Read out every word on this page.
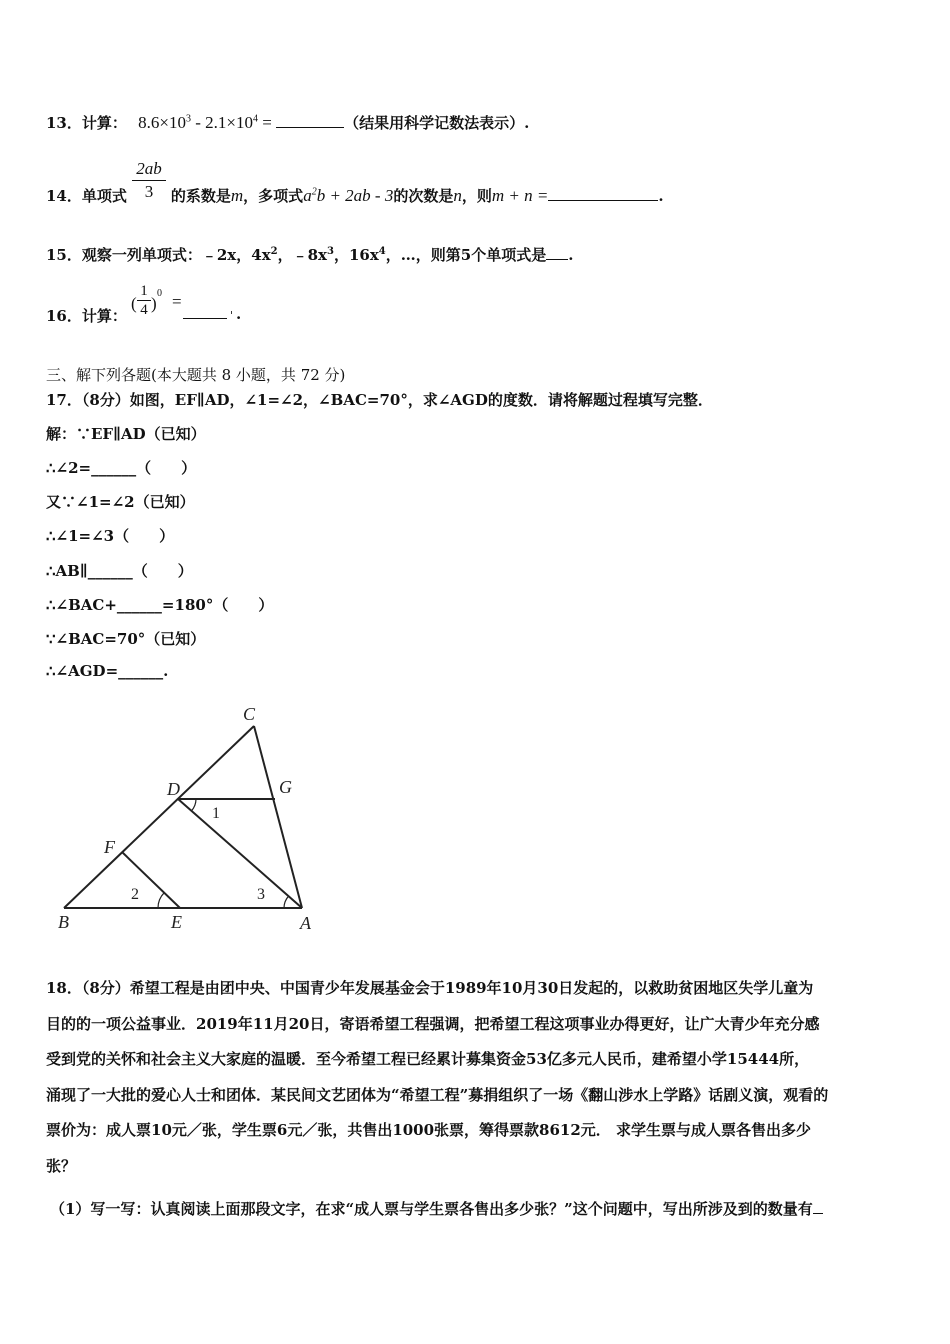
13．计算： $8.6\times 10^3 - 2.1\times 10^4$ =	（结果用科学记数法表示）.
$\frac{2ab}{3}$
14．单项式	的系数是m，多项式$a^2b + 2ab - 3$的次数是n，则m + n =	.
15．观察一列单项式：﹣2x，$4x^2$，$﹣8x^3$，$16x^4$，…，则第5个单项式是 .
16．计算：
( $\frac{1}{4}$ )
0 =
' .
三、解下列各题(本大题共 8 小题，共 72 分)
17．（8分）如图，EF∥AD，∠1=∠2，∠BAC=70°，求∠AGD的度数．请将解题过程填写完整．
解：∵EF∥AD（已知）
∴∠2=______（　　）
又∵∠1=∠2（已知）
∴∠1=∠3（　　）
∴AB∥______（　　）
∴∠BAC+______=180°（　　）
∵∠BAC=70°（已知）
∴∠AGD=______.
C
D	G
1
F
2	3
B	E	A
18．（8分）希望工程是由团中央、中国青少年发展基金会于1989年10月30日发起的，以救助贫困地区失学儿童为
目的的一项公益事业．2019年11月20日，寄语希望工程强调，把希望工程这项事业办得更好，让广大青少年充分感
受到党的关怀和社会主义大家庭的温暖．至今希望工程已经累计募集资金53亿多元人民币，建希望小学15444所，
涌现了一大批的爱心人士和团体．某民间文艺团体为“希望工程”募捐组织了一场《翻山涉水上学路》话剧义演，观看的
票价为：成人票10元／张，学生票6元／张，共售出1000张票，筹得票款8612元． 求学生票与成人票各售出多少
张？
（1）写一写：认真阅读上面那段文字，在求“成人票与学生票各售出多少张？”这个问题中，写出所涉及到的数量有
